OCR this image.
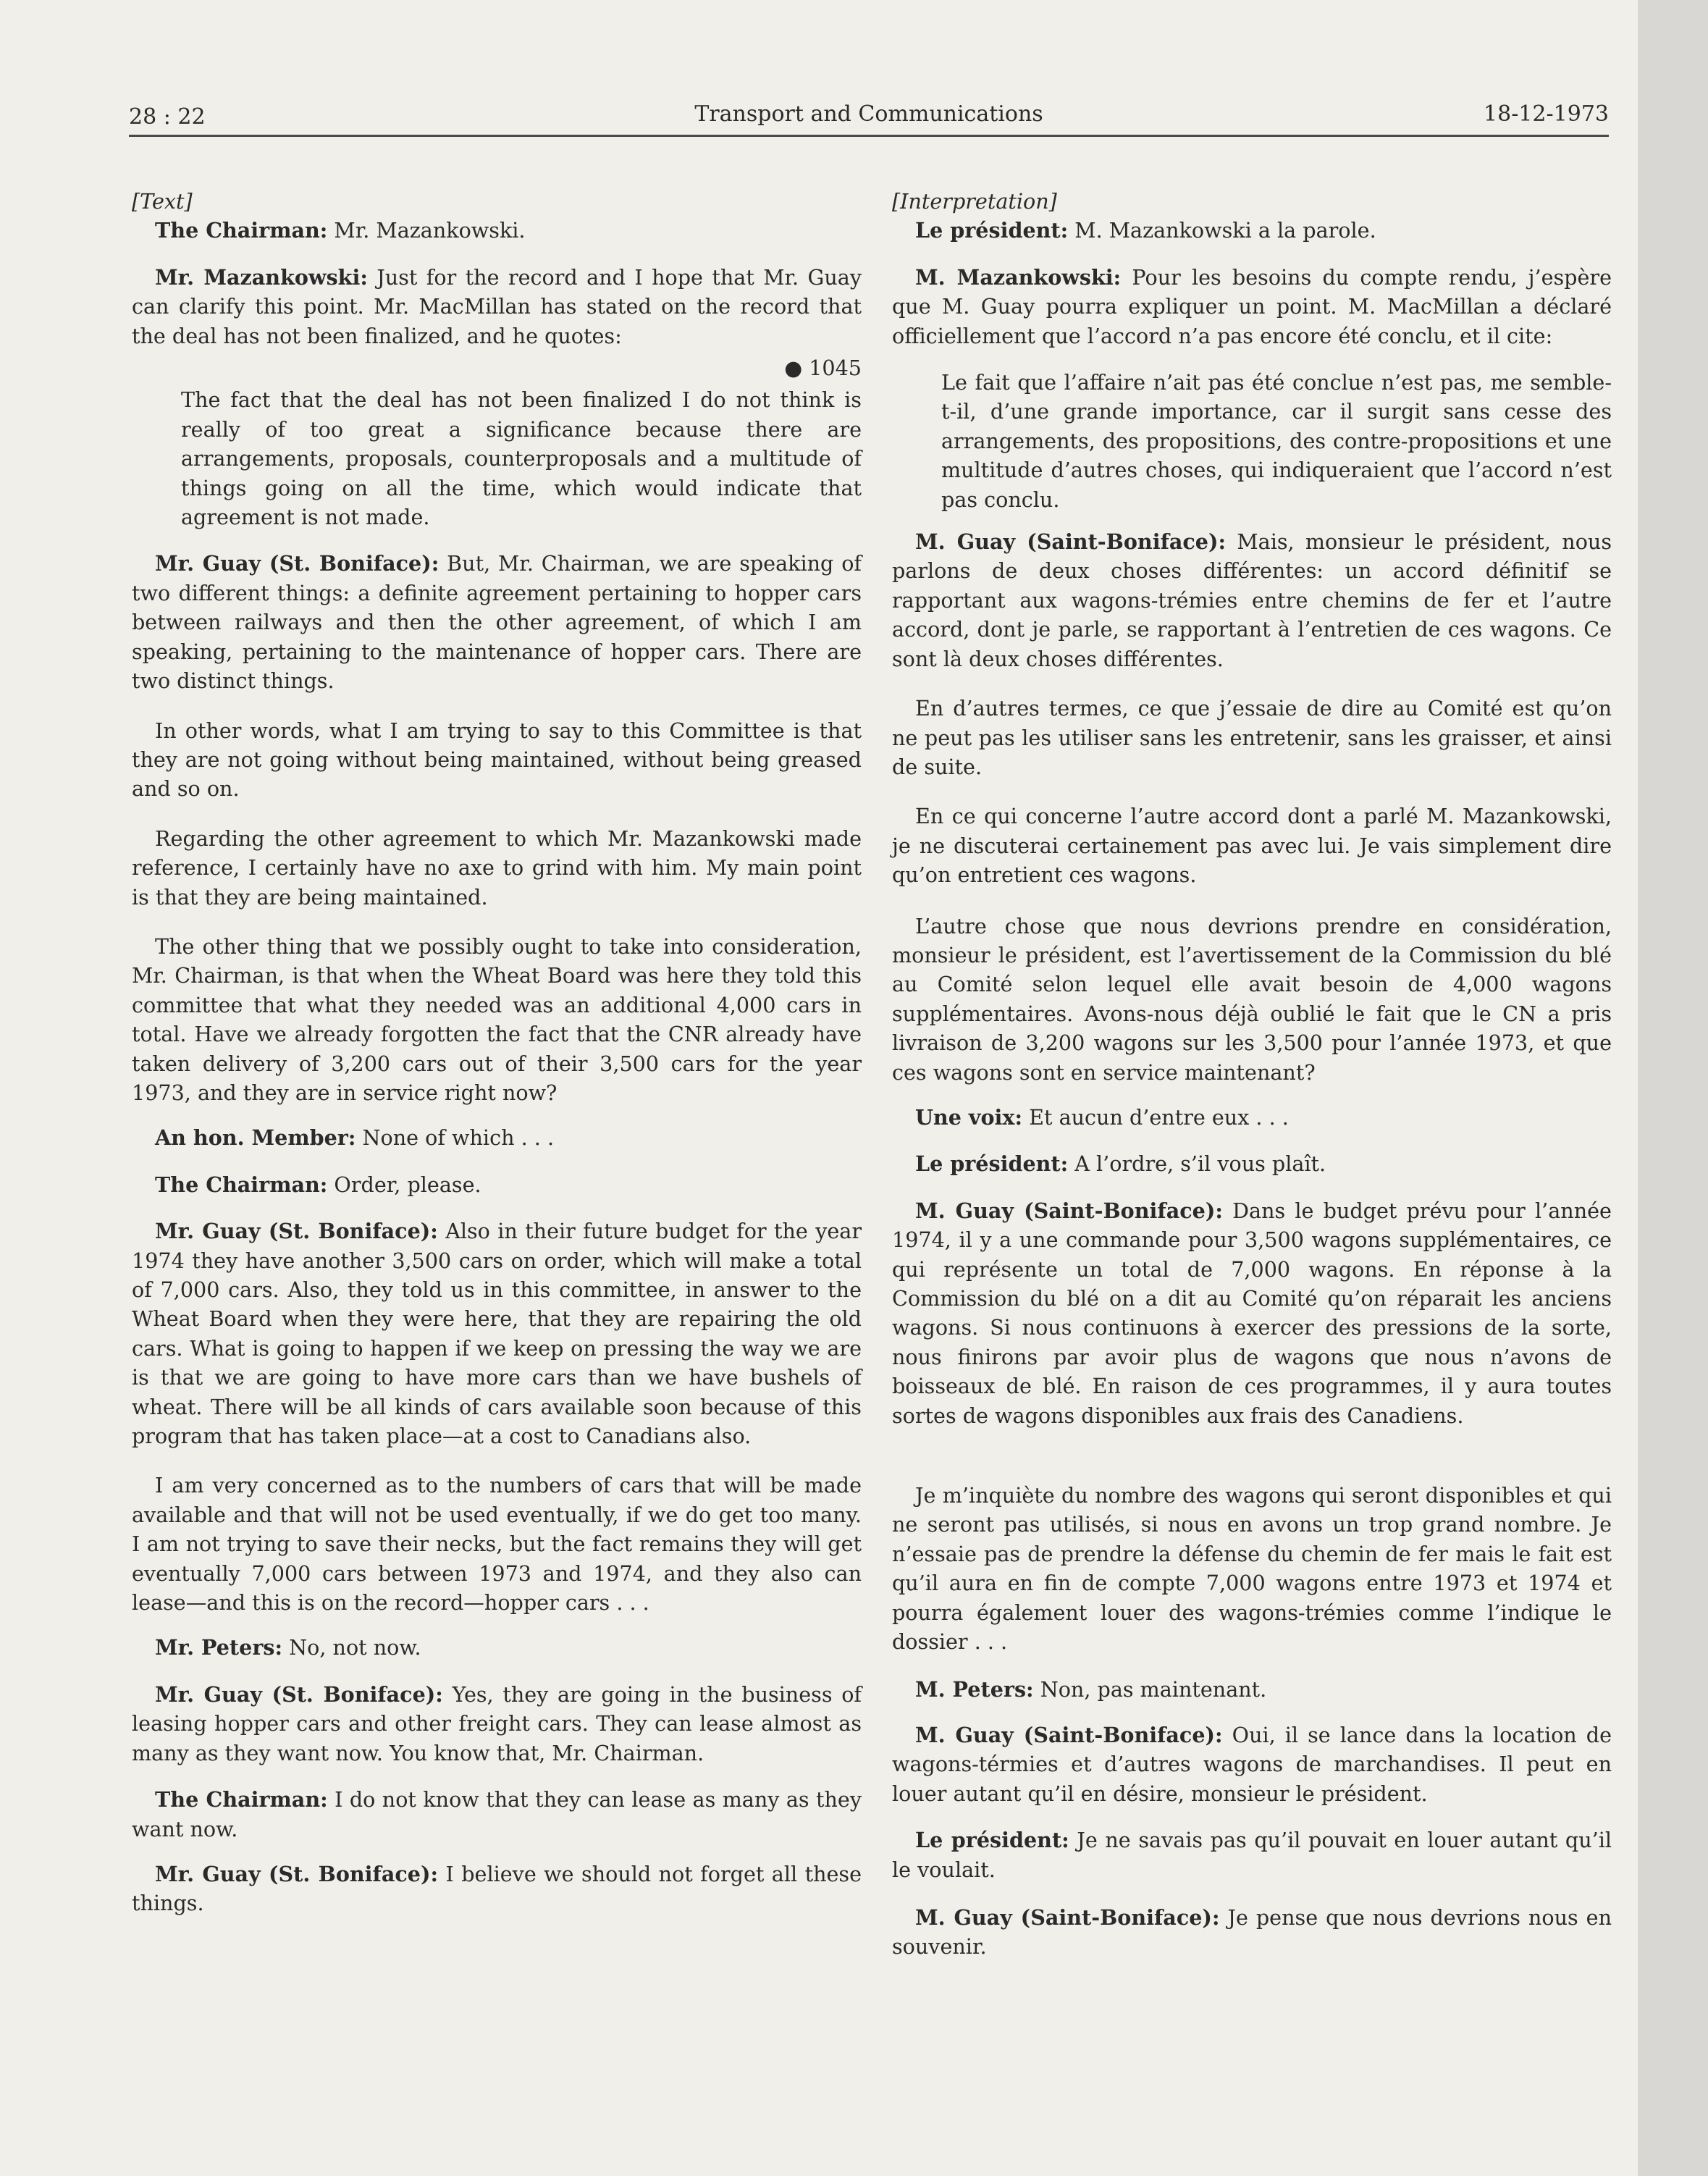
28 : 22	Transport and Communications	18-12-1973

[Text]

The Chairman: Mr. Mazankowski.

Mr. Mazankowski: Just for the record and I hope that Mr. Guay can clarify this point. Mr. MacMillan has stated on the record that the deal has not been finalized, and he quotes:

● 1045

The fact that the deal has not been finalized I do not think is really of too great a significance because there are arrangements, proposals, counterproposals and a multitude of things going on all the time, which would indicate that agreement is not made.

Mr. Guay (St. Boniface): But, Mr. Chairman, we are speaking of two different things: a definite agreement pertaining to hopper cars between railways and then the other agreement, of which I am speaking, pertaining to the maintenance of hopper cars. There are two distinct things.

In other words, what I am trying to say to this Committee is that they are not going without being maintained, without being greased and so on.

Regarding the other agreement to which Mr. Mazankowski made reference, I certainly have no axe to grind with him. My main point is that they are being maintained.

The other thing that we possibly ought to take into consideration, Mr. Chairman, is that when the Wheat Board was here they told this committee that what they needed was an additional 4,000 cars in total. Have we already forgotten the fact that the CNR already have taken delivery of 3,200 cars out of their 3,500 cars for the year 1973, and they are in service right now?

An hon. Member: None of which . . .

The Chairman: Order, please.

Mr. Guay (St. Boniface): Also in their future budget for the year 1974 they have another 3,500 cars on order, which will make a total of 7,000 cars. Also, they told us in this committee, in answer to the Wheat Board when they were here, that they are repairing the old cars. What is going to happen if we keep on pressing the way we are is that we are going to have more cars than we have bushels of wheat. There will be all kinds of cars available soon because of this program that has taken place—at a cost to Canadians also.

I am very concerned as to the numbers of cars that will be made available and that will not be used eventually, if we do get too many. I am not trying to save their necks, but the fact remains they will get eventually 7,000 cars between 1973 and 1974, and they also can lease—and this is on the record—hopper cars . . .

Mr. Peters: No, not now.

Mr. Guay (St. Boniface): Yes, they are going in the business of leasing hopper cars and other freight cars. They can lease almost as many as they want now. You know that, Mr. Chairman.

The Chairman: I do not know that they can lease as many as they want now.

Mr. Guay (St. Boniface): I believe we should not forget all these things.

[Interpretation]

Le président: M. Mazankowski a la parole.

M. Mazankowski: Pour les besoins du compte rendu, j’espère que M. Guay pourra expliquer un point. M. MacMillan a déclaré officiellement que l’accord n’a pas encore été conclu, et il cite:

Le fait que l’affaire n’ait pas été conclue n’est pas, me semble-t-il, d’une grande importance, car il surgit sans cesse des arrangements, des propositions, des contre-propositions et une multitude d’autres choses, qui indiqueraient que l’accord n’est pas conclu.

M. Guay (Saint-Boniface): Mais, monsieur le président, nous parlons de deux choses différentes: un accord définitif se rapportant aux wagons-trémies entre chemins de fer et l’autre accord, dont je parle, se rapportant à l’entretien de ces wagons. Ce sont là deux choses différentes.

En d’autres termes, ce que j’essaie de dire au Comité est qu’on ne peut pas les utiliser sans les entretenir, sans les graisser, et ainsi de suite.

En ce qui concerne l’autre accord dont a parlé M. Mazankowski, je ne discuterai certainement pas avec lui. Je vais simplement dire qu’on entretient ces wagons.

L’autre chose que nous devrions prendre en considération, monsieur le président, est l’avertissement de la Commission du blé au Comité selon lequel elle avait besoin de 4,000 wagons supplémentaires. Avons-nous déjà oublié le fait que le CN a pris livraison de 3,200 wagons sur les 3,500 pour l’année 1973, et que ces wagons sont en service maintenant?

Une voix: Et aucun d’entre eux . . .

Le président: A l’ordre, s’il vous plaît.

M. Guay (Saint-Boniface): Dans le budget prévu pour l’année 1974, il y a une commande pour 3,500 wagons supplémentaires, ce qui représente un total de 7,000 wagons. En réponse à la Commission du blé on a dit au Comité qu’on réparait les anciens wagons. Si nous continuons à exercer des pressions de la sorte, nous finirons par avoir plus de wagons que nous n’avons de boisseaux de blé. En raison de ces programmes, il y aura toutes sortes de wagons disponibles aux frais des Canadiens.

Je m’inquiète du nombre des wagons qui seront disponibles et qui ne seront pas utilisés, si nous en avons un trop grand nombre. Je n’essaie pas de prendre la défense du chemin de fer mais le fait est qu’il aura en fin de compte 7,000 wagons entre 1973 et 1974 et pourra également louer des wagons-trémies comme l’indique le dossier . . .

M. Peters: Non, pas maintenant.

M. Guay (Saint-Boniface): Oui, il se lance dans la location de wagons-térmies et d’autres wagons de marchandises. Il peut en louer autant qu’il en désire, monsieur le président.

Le président: Je ne savais pas qu’il pouvait en louer autant qu’il le voulait.

M. Guay (Saint-Boniface): Je pense que nous devrions nous en souvenir.
